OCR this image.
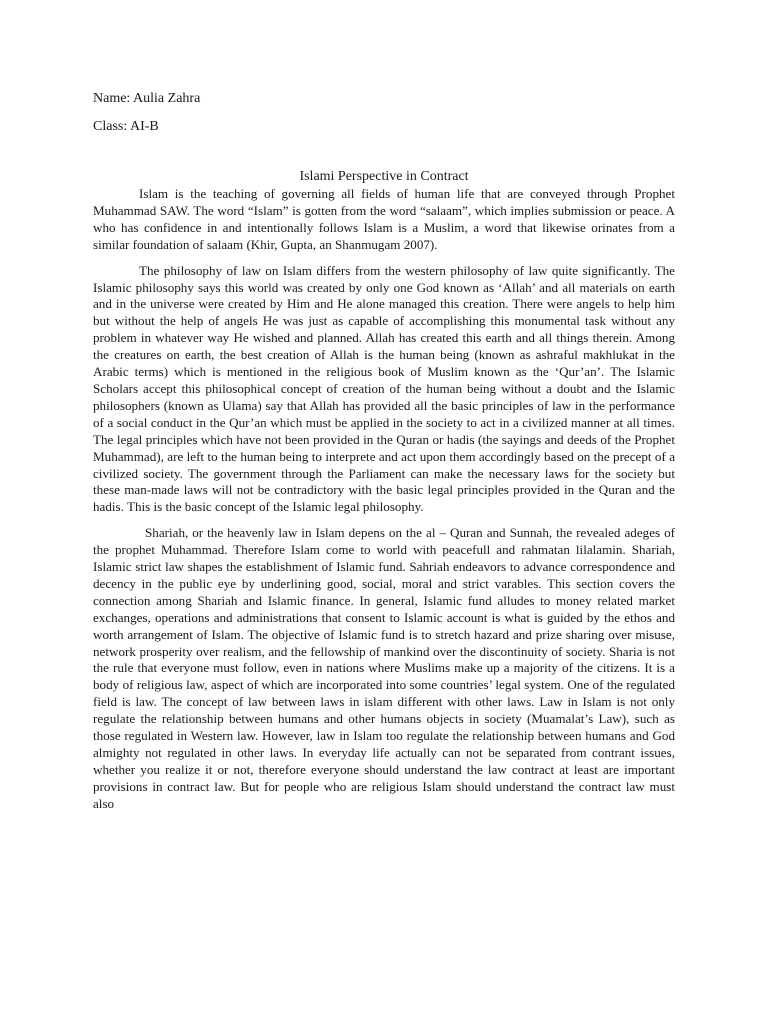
Name: Aulia Zahra
Class: AI-B
Islami Perspective in Contract

Islam is the teaching of governing all fields of human life that are conveyed through Prophet Muhammad SAW. The word “Islam” is gotten from the word “salaam”, which implies submission or peace. A who has confidence in and intentionally follows Islam is a Muslim, a word that likewise orinates from a similar foundation of salaam (Khir, Gupta, an Shanmugam 2007).

The philosophy of law on Islam differs from the western philosophy of law quite significantly. The Islamic philosophy says this world was created by only one God known as ‘Allah’ and all materials on earth and in the universe were created by Him and He alone managed this creation. There were angels to help him but without the help of angels He was just as capable of accomplishing this monumental task without any problem in whatever way He wished and planned. Allah has created this earth and all things therein. Among the creatures on earth, the best creation of Allah is the human being (known as ashraful makhlukat in the Arabic terms) which is mentioned in the religious book of Muslim known as the ‘Qur’an’. The Islamic Scholars accept this philosophical concept of creation of the human being without a doubt and the Islamic philosophers (known as Ulama) say that Allah has provided all the basic principles of law in the performance of a social conduct in the Qur’an which must be applied in the society to act in a civilized manner at all times. The legal principles which have not been provided in the Quran or hadis (the sayings and deeds of the Prophet Muhammad), are left to the human being to interprete and act upon them accordingly based on the precept of a civilized society. The government through the Parliament can make the necessary laws for the society but these man-made laws will not be contradictory with the basic legal principles provided in the Quran and the hadis. This is the basic concept of the Islamic legal philosophy.

Shariah, or the heavenly law in Islam depens on the al – Quran and Sunnah, the revealed adeges of the prophet Muhammad. Therefore Islam come to world with peacefull and rahmatan lilalamin. Shariah, Islamic strict law shapes the establishment of Islamic fund. Sahriah endeavors to advance correspondence and decency in the public eye by underlining good, social, moral and strict varables. This section covers the connection among Shariah and Islamic finance. In general, Islamic fund alludes to money related market exchanges, operations and administrations that consent to Islamic account is what is guided by the ethos and worth arrangement of Islam. The objective of Islamic fund is to stretch hazard and prize sharing over misuse, network prosperity over realism, and the fellowship of mankind over the discontinuity of society. Sharia is not the rule that everyone must follow, even in nations where Muslims make up a majority of the citizens. It is a body of religious law, aspect of which are incorporated into some countries’ legal system. One of the regulated field is law. The concept of law between laws in islam different with other laws. Law in Islam is not only regulate the relationship between humans and other humans objects in society (Muamalat’s Law), such as those regulated in Western law. However, law in Islam too regulate the relationship between humans and God almighty not regulated in other laws. In everyday life actually can not be separated from contrant issues, whether you realize it or not, therefore everyone should understand the law contract at least are important provisions in contract law. But for people who are religious Islam should understand the contract law must also
